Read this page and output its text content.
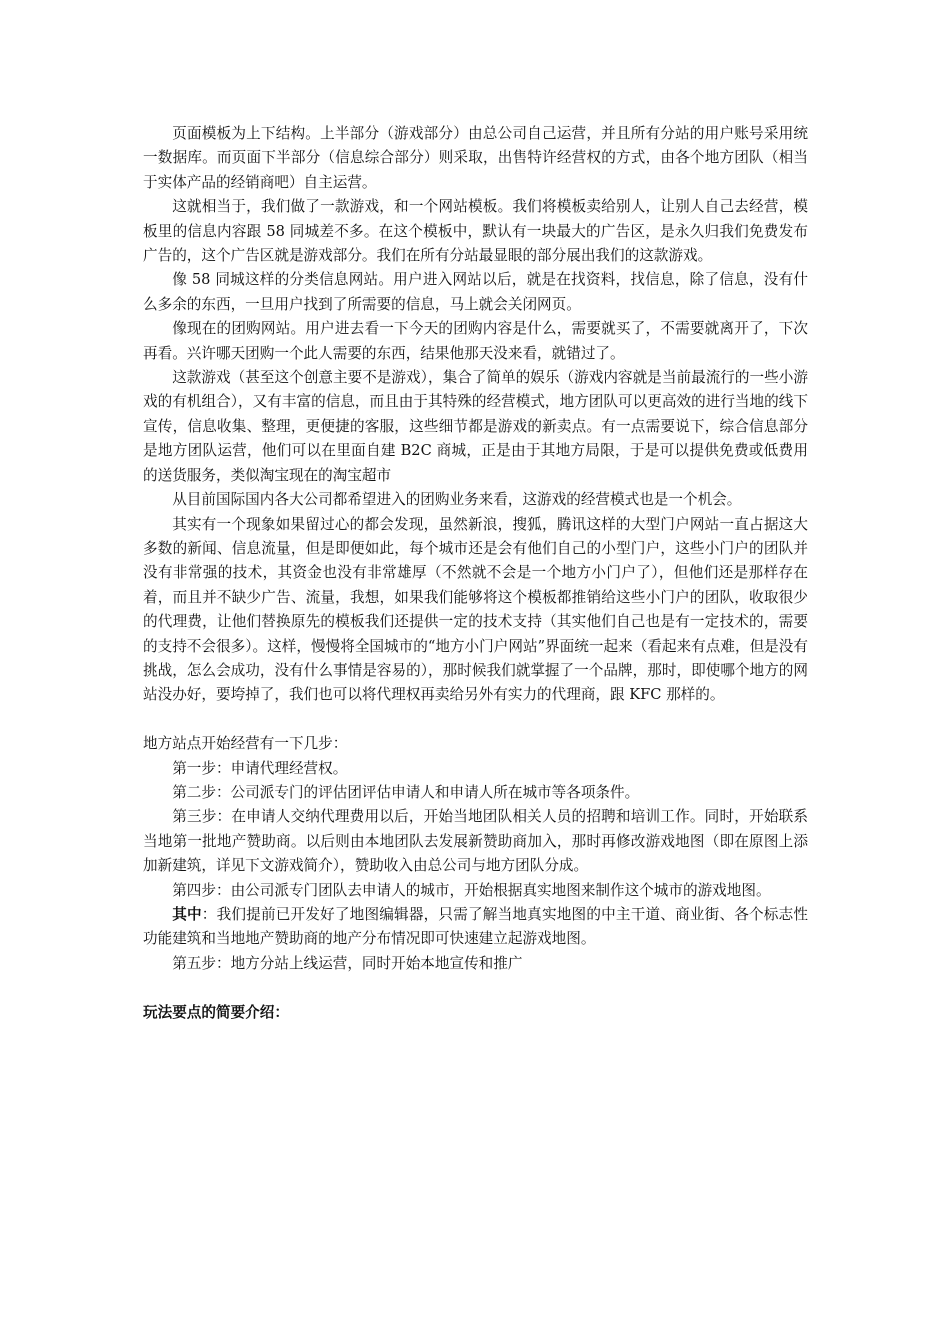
页面模板为上下结构。上半部分（游戏部分）由总公司自己运营，并且所有分站的用户账号采用统一数据库。而页面下半部分（信息综合部分）则采取，出售特许经营权的方式，由各个地方团队（相当于实体产品的经销商吧）自主运营。

这就相当于，我们做了一款游戏，和一个网站模板。我们将模板卖给别人，让别人自己去经营，模板里的信息内容跟 58 同城差不多。在这个模板中，默认有一块最大的广告区，是永久归我们免费发布广告的，这个广告区就是游戏部分。我们在所有分站最显眼的部分展出我们的这款游戏。

像 58 同城这样的分类信息网站。用户进入网站以后，就是在找资料，找信息，除了信息，没有什么多余的东西，一旦用户找到了所需要的信息，马上就会关闭网页。

像现在的团购网站。用户进去看一下今天的团购内容是什么，需要就买了，不需要就离开了，下次再看。兴许哪天团购一个此人需要的东西，结果他那天没来看，就错过了。

这款游戏（甚至这个创意主要不是游戏），集合了简单的娱乐（游戏内容就是当前最流行的一些小游戏的有机组合），又有丰富的信息，而且由于其特殊的经营模式，地方团队可以更高效的进行当地的线下宣传，信息收集、整理，更便捷的客服，这些细节都是游戏的新卖点。有一点需要说下，综合信息部分是地方团队运营，他们可以在里面自建 B2C 商城，正是由于其地方局限，于是可以提供免费或低费用的送货服务，类似淘宝现在的淘宝超市

从目前国际国内各大公司都希望进入的团购业务来看，这游戏的经营模式也是一个机会。

其实有一个现象如果留过心的都会发现，虽然新浪，搜狐，腾讯这样的大型门户网站一直占据这大多数的新闻、信息流量，但是即便如此，每个城市还是会有他们自己的小型门户，这些小门户的团队并没有非常强的技术，其资金也没有非常雄厚（不然就不会是一个地方小门户了），但他们还是那样存在着，而且并不缺少广告、流量，我想，如果我们能够将这个模板都推销给这些小门户的团队，收取很少的代理费，让他们替换原先的模板我们还提供一定的技术支持（其实他们自己也是有一定技术的，需要的支持不会很多）。这样，慢慢将全国城市的“地方小门户网站”界面统一起来（看起来有点难，但是没有挑战，怎么会成功，没有什么事情是容易的），那时候我们就掌握了一个品牌，那时，即使哪个地方的网站没办好，要垮掉了，我们也可以将代理权再卖给另外有实力的代理商，跟 KFC 那样的。

地方站点开始经营有一下几步：

第一步：申请代理经营权。

第二步：公司派专门的评估团评估申请人和申请人所在城市等各项条件。

第三步：在申请人交纳代理费用以后，开始当地团队相关人员的招聘和培训工作。同时，开始联系当地第一批地产赞助商。以后则由本地团队去发展新赞助商加入，那时再修改游戏地图（即在原图上添加新建筑，详见下文游戏简介），赞助收入由总公司与地方团队分成。

第四步：由公司派专门团队去申请人的城市，开始根据真实地图来制作这个城市的游戏地图。

其中：我们提前已开发好了地图编辑器，只需了解当地真实地图的中主干道、商业街、各个标志性功能建筑和当地地产赞助商的地产分布情况即可快速建立起游戏地图。

第五步：地方分站上线运营，同时开始本地宣传和推广

玩法要点的简要介绍：
